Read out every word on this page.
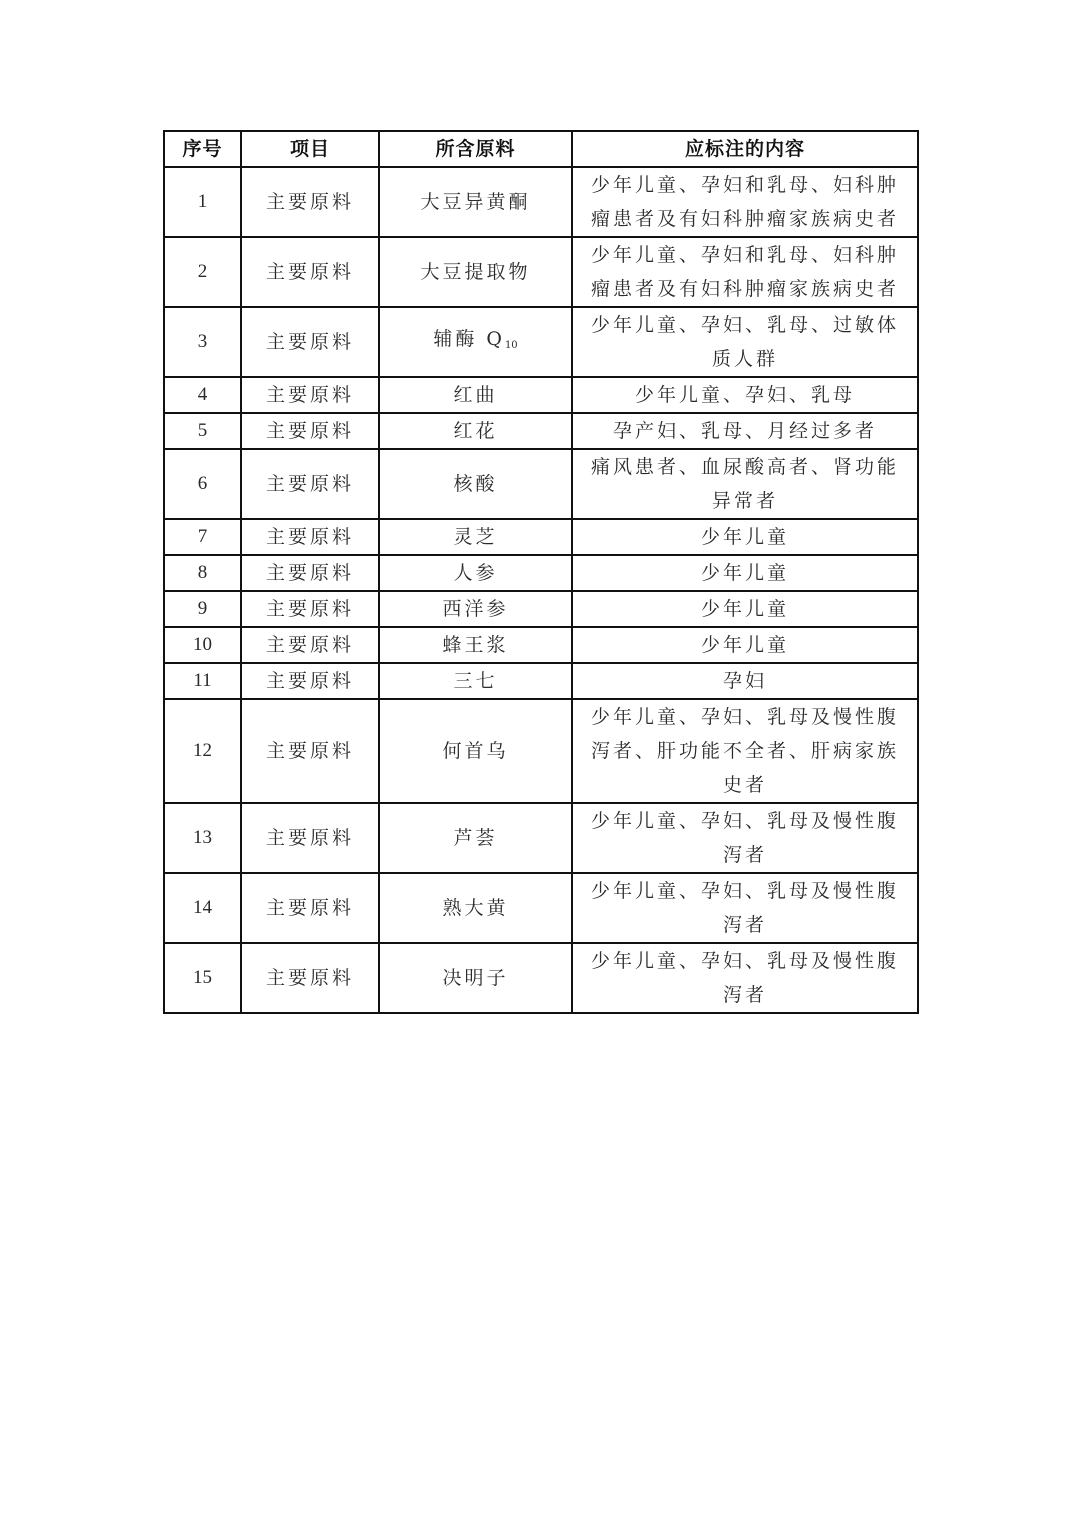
序号	项目	所含原料	应标注的内容
1	主要原料	大豆异黄酮	少年儿童、孕妇和乳母、妇科肿瘤患者及有妇科肿瘤家族病史者
2	主要原料	大豆提取物	少年儿童、孕妇和乳母、妇科肿瘤患者及有妇科肿瘤家族病史者
3	主要原料	辅酶 $Q_{10}$	少年儿童、孕妇、乳母、过敏体质人群
4	主要原料	红曲	少年儿童、孕妇、乳母
5	主要原料	红花	孕产妇、乳母、月经过多者
6	主要原料	核酸	痛风患者、血尿酸高者、肾功能异常者
7	主要原料	灵芝	少年儿童
8	主要原料	人参	少年儿童
9	主要原料	西洋参	少年儿童
10	主要原料	蜂王浆	少年儿童
11	主要原料	三七	孕妇
12	主要原料	何首乌	少年儿童、孕妇、乳母及慢性腹泻者、肝功能不全者、肝病家族史者
13	主要原料	芦荟	少年儿童、孕妇、乳母及慢性腹泻者
14	主要原料	熟大黄	少年儿童、孕妇、乳母及慢性腹泻者
15	主要原料	决明子	少年儿童、孕妇、乳母及慢性腹泻者
